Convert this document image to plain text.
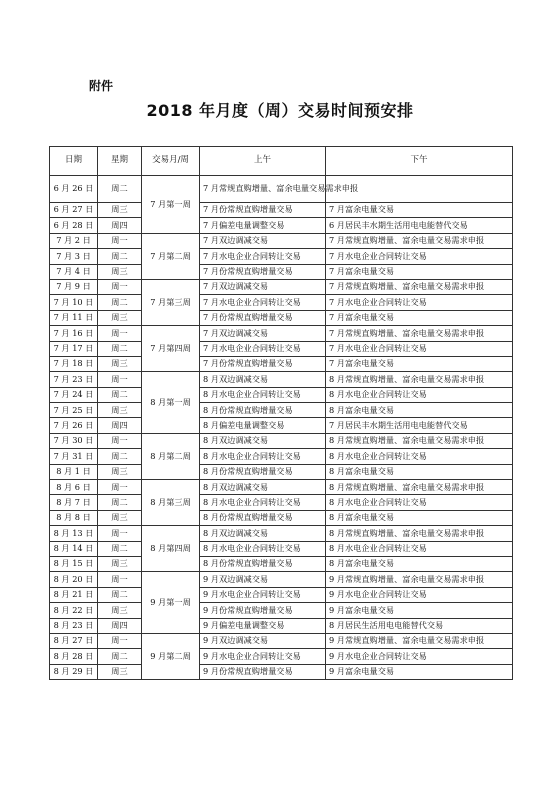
附件
2018 年月度（周）交易时间预安排
日期	星期	交易月/周	上午	下午
6 月 26 日	周二	7 月第一周	7 月常规直购增量、富余电量交易需求申报	
6 月 27 日	周三		7 月份常规直购增量交易	7 月富余电量交易
6 月 28 日	周四		7 月偏差电量调整交易	6 月居民丰水期生活用电电能替代交易
7 月 2 日	周一	7 月第二周	7 月双边调减交易	7 月常规直购增量、富余电量交易需求申报
7 月 3 日	周二		7 月水电企业合同转让交易	7 月水电企业合同转让交易
7 月 4 日	周三		7 月份常规直购增量交易	7 月富余电量交易
7 月 9 日	周一	7 月第三周	7 月双边调减交易	7 月常规直购增量、富余电量交易需求申报
7 月 10 日	周二		7 月水电企业合同转让交易	7 月水电企业合同转让交易
7 月 11 日	周三		7 月份常规直购增量交易	7 月富余电量交易
7 月 16 日	周一	7 月第四周	7 月双边调减交易	7 月常规直购增量、富余电量交易需求申报
7 月 17 日	周二		7 月水电企业合同转让交易	7 月水电企业合同转让交易
7 月 18 日	周三		7 月份常规直购增量交易	7 月富余电量交易
7 月 23 日	周一	8 月第一周	8 月双边调减交易	8 月常规直购增量、富余电量交易需求申报
7 月 24 日	周二		8 月水电企业合同转让交易	8 月水电企业合同转让交易
7 月 25 日	周三		8 月份常规直购增量交易	8 月富余电量交易
7 月 26 日	周四		8 月偏差电量调整交易	7 月居民丰水期生活用电电能替代交易
7 月 30 日	周一	8 月第二周	8 月双边调减交易	8 月常规直购增量、富余电量交易需求申报
7 月 31 日	周二		8 月水电企业合同转让交易	8 月水电企业合同转让交易
8 月 1 日	周三		8 月份常规直购增量交易	8 月富余电量交易
8 月 6 日	周一	8 月第三周	8 月双边调减交易	8 月常规直购增量、富余电量交易需求申报
8 月 7 日	周二		8 月水电企业合同转让交易	8 月水电企业合同转让交易
8 月 8 日	周三		8 月份常规直购增量交易	8 月富余电量交易
8 月 13 日	周一	8 月第四周	8 月双边调减交易	8 月常规直购增量、富余电量交易需求申报
8 月 14 日	周二		8 月水电企业合同转让交易	8 月水电企业合同转让交易
8 月 15 日	周三		8 月份常规直购增量交易	8 月富余电量交易
8 月 20 日	周一	9 月第一周	9 月双边调减交易	9 月常规直购增量、富余电量交易需求申报
8 月 21 日	周二		9 月水电企业合同转让交易	9 月水电企业合同转让交易
8 月 22 日	周三		9 月份常规直购增量交易	9 月富余电量交易
8 月 23 日	周四		9 月偏差电量调整交易	8 月居民生活用电电能替代交易
8 月 27 日	周一	9 月第二周	9 月双边调减交易	9 月常规直购增量、富余电量交易需求申报
8 月 28 日	周二		9 月水电企业合同转让交易	9 月水电企业合同转让交易
8 月 29 日	周三		9 月份常规直购增量交易	9 月富余电量交易
